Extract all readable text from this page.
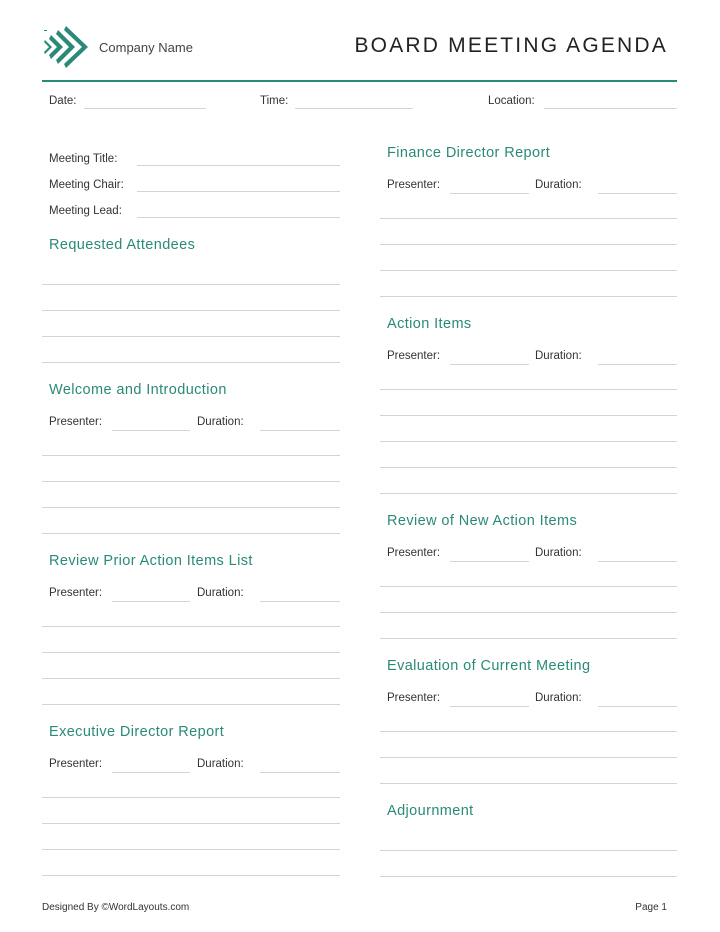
Company Name	BOARD MEETING AGENDA
Date:	Time:	Location:
Meeting Title:
Meeting Chair:
Meeting Lead:
Requested Attendees
Welcome and Introduction
Presenter:	Duration:
Review Prior Action Items List
Presenter:	Duration:
Executive Director Report
Presenter:	Duration:
Finance Director Report
Presenter:	Duration:
Action Items
Presenter:	Duration:
Review of New Action Items
Presenter:	Duration:
Evaluation of Current Meeting
Presenter:	Duration:
Adjournment
Designed By ©WordLayouts.com	Page 1
